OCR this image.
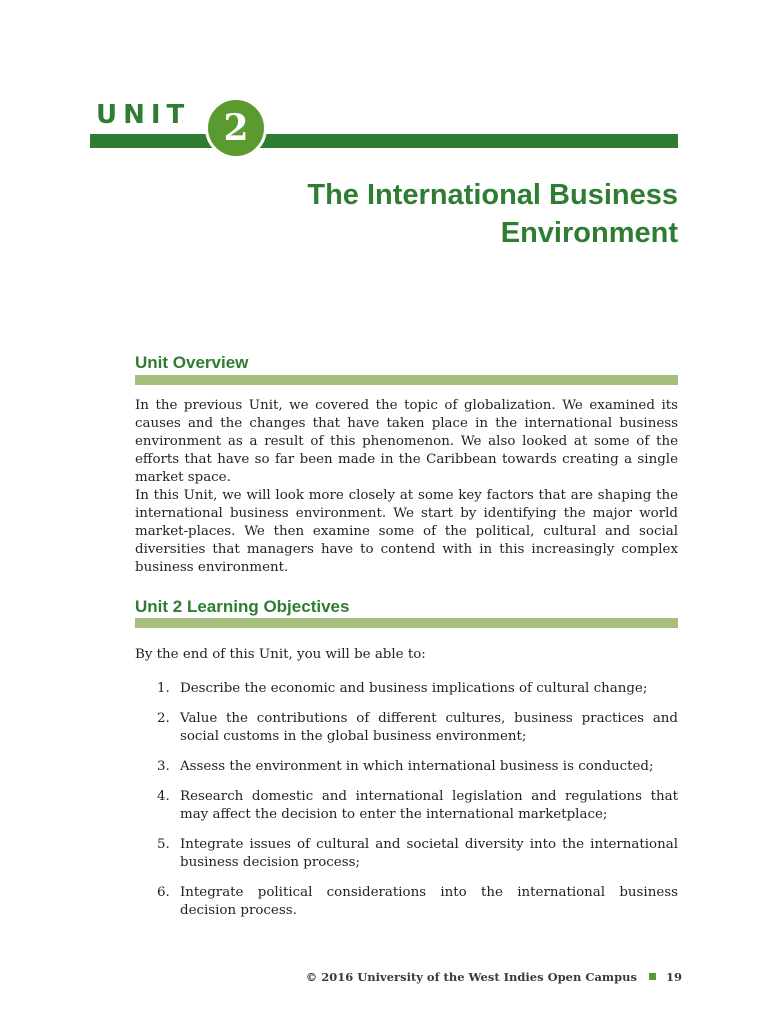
UNIT 2
The International Business
Environment
Unit Overview

In the previous Unit, we covered the topic of globalization. We examined its causes and the changes that have taken place in the international business environment as a result of this phenomenon. We also looked at some of the efforts that have so far been made in the Caribbean towards creating a single market space.

In this Unit, we will look more closely at some key factors that are shaping the international business environment. We start by identifying the major world market-places. We then examine some of the political, cultural and social diversities that managers have to contend with in this increasingly complex business environment.

Unit 2 Learning Objectives

By the end of this Unit, you will be able to:

1. Describe the economic and business implications of cultural change;
2. Value the contributions of different cultures, business practices and social customs in the global business environment;
3. Assess the environment in which international business is conducted;
4. Research domestic and international legislation and regulations that may affect the decision to enter the international marketplace;
5. Integrate issues of cultural and societal diversity into the international business decision process;
6. Integrate political considerations into the international business decision process.
© 2016 University of the West Indies Open Campus	19
